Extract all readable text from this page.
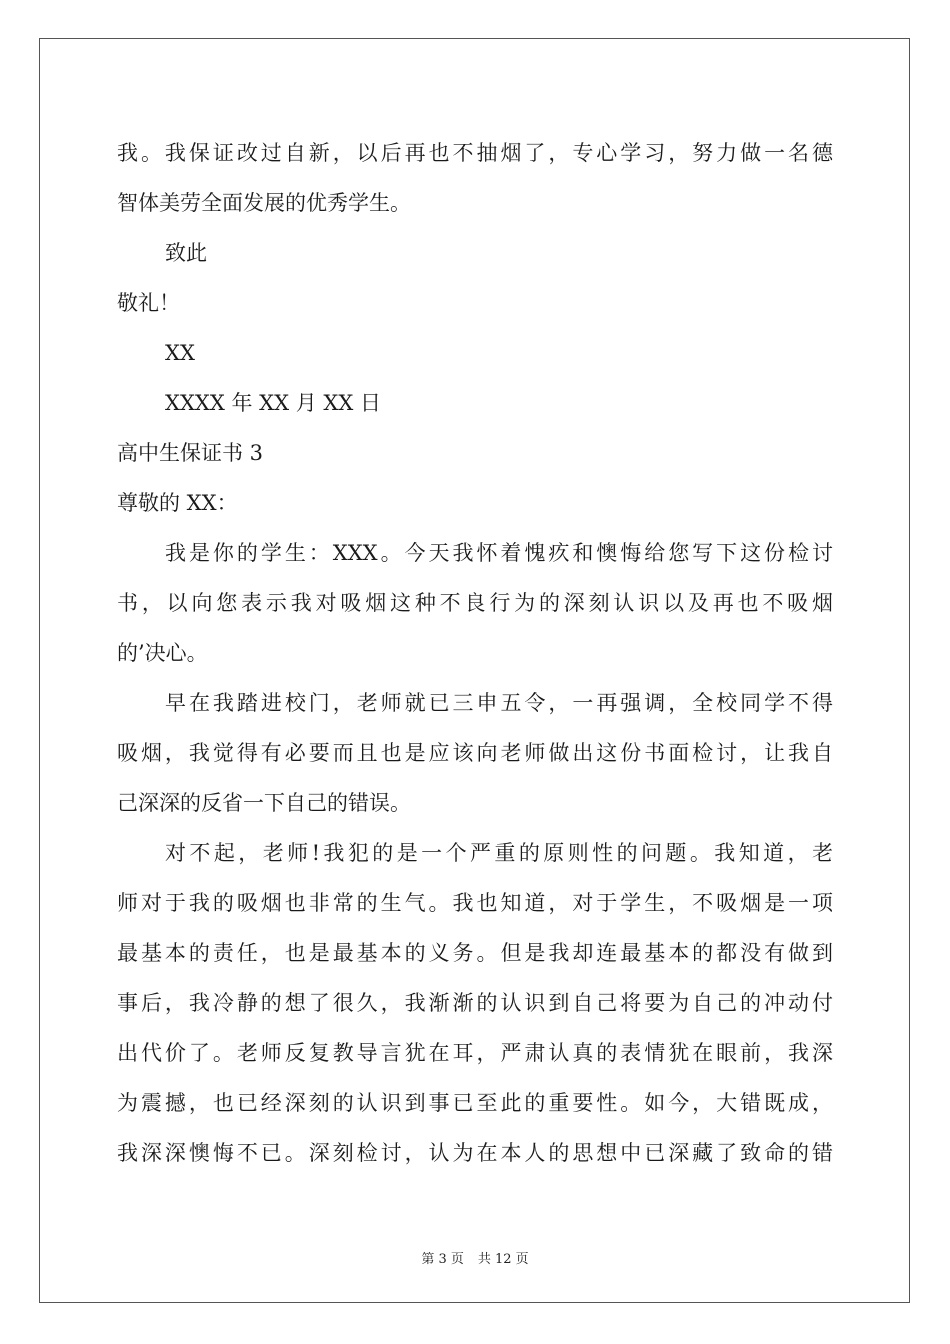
我。我保证改过自新，以后再也不抽烟了，专心学习，努力做一名德
智体美劳全面发展的优秀学生。
致此
敬礼！
XX
XXXX 年 XX 月 XX 日
高中生保证书 3
尊敬的 XX：
我是你的学生：XXX。今天我怀着愧疚和懊悔给您写下这份检讨
书，以向您表示我对吸烟这种不良行为的深刻认识以及再也不吸烟
的’决心。
早在我踏进校门，老师就已三申五令，一再强调，全校同学不得
吸烟，我觉得有必要而且也是应该向老师做出这份书面检讨，让我自
己深深的反省一下自己的错误。
对不起，老师!我犯的是一个严重的原则性的问题。我知道，老
师对于我的吸烟也非常的生气。我也知道，对于学生，不吸烟是一项
最基本的责任，也是最基本的义务。但是我却连最基本的都没有做到
事后，我冷静的想了很久，我渐渐的认识到自己将要为自己的冲动付
出代价了。老师反复教导言犹在耳，严肃认真的表情犹在眼前，我深
为震撼，也已经深刻的认识到事已至此的重要性。如今，大错既成，
我深深懊悔不已。深刻检讨，认为在本人的思想中已深藏了致命的错
第 3 页 共 12 页
